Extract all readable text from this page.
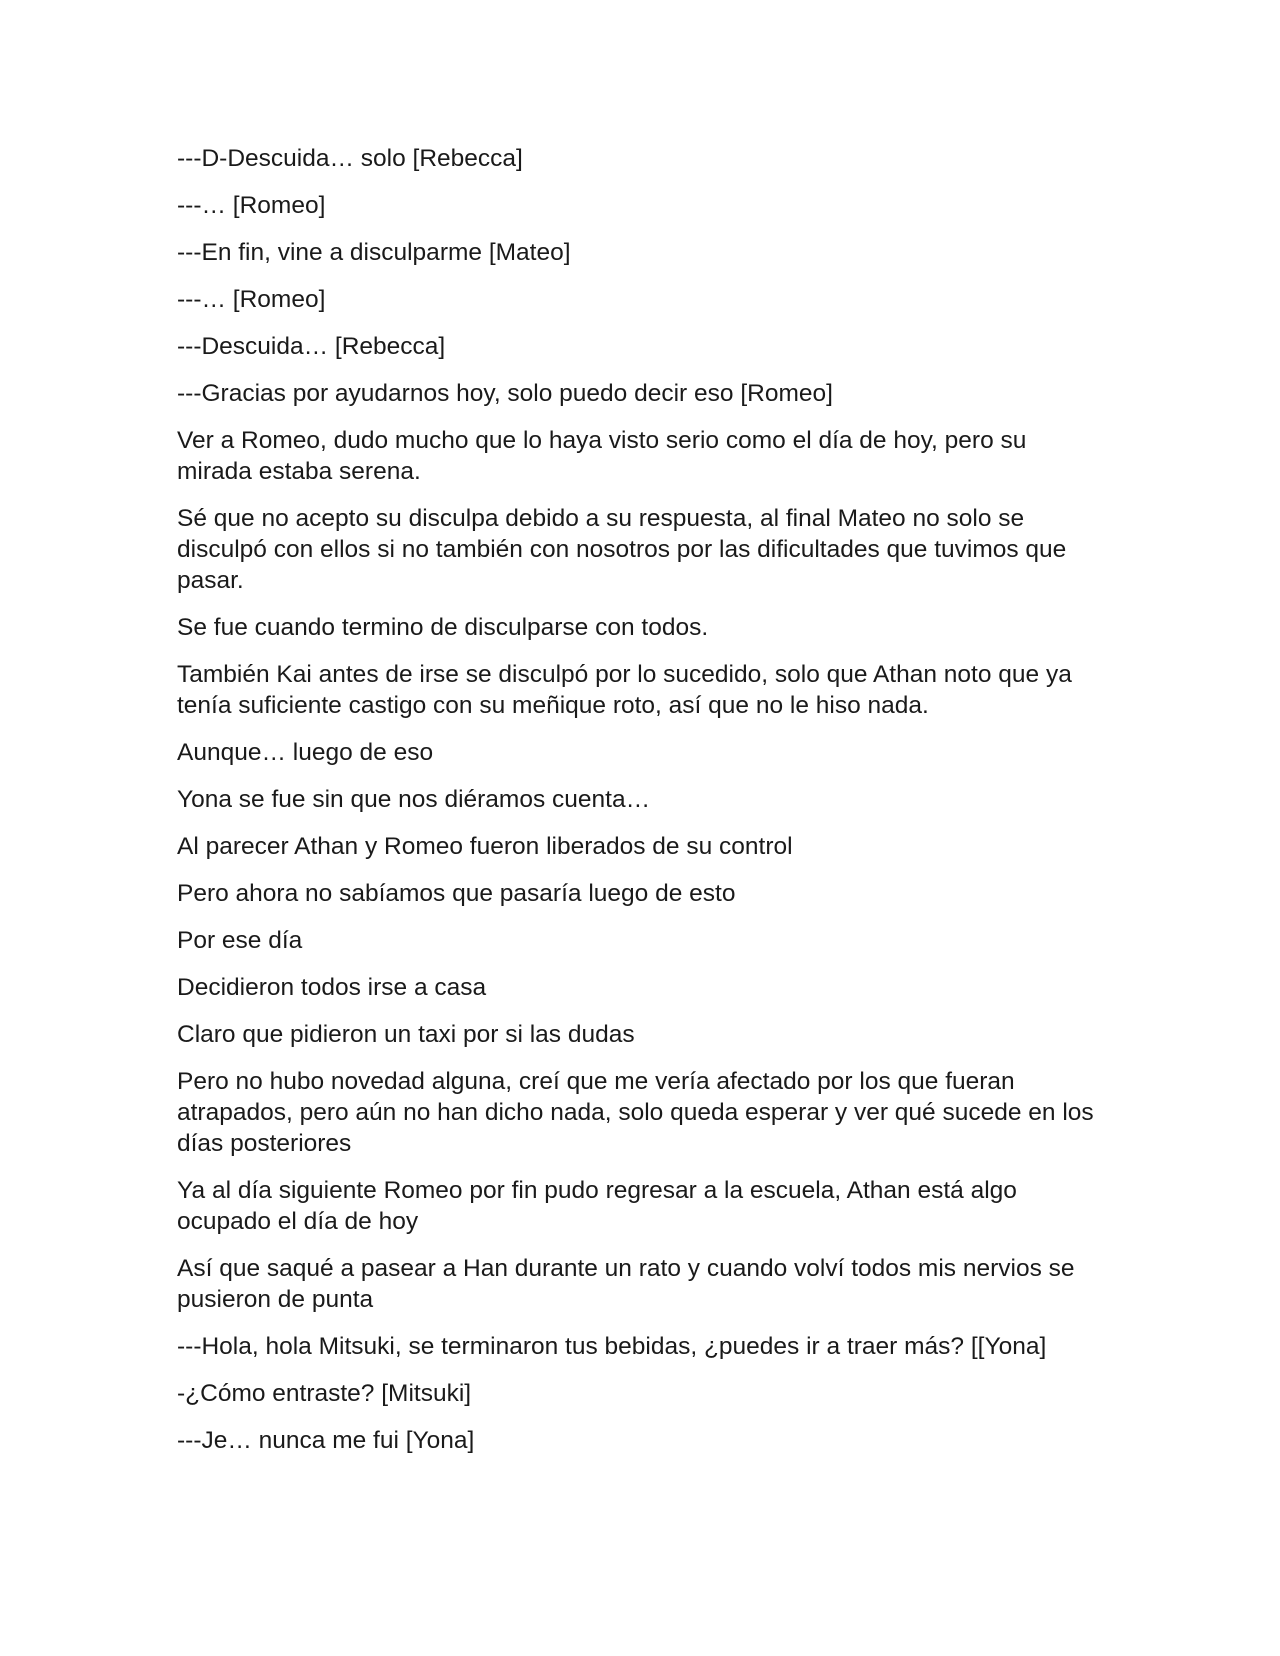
---D-Descuida… solo [Rebecca]

---… [Romeo]

---En fin, vine a disculparme [Mateo]

---… [Romeo]

---Descuida… [Rebecca]

---Gracias por ayudarnos hoy, solo puedo decir eso [Romeo]

Ver a Romeo, dudo mucho que lo haya visto serio como el día de hoy, pero su mirada estaba serena.

Sé que no acepto su disculpa debido a su respuesta, al final Mateo no solo se disculpó con ellos si no también con nosotros por las dificultades que tuvimos que pasar.

Se fue cuando termino de disculparse con todos.

También Kai antes de irse se disculpó por lo sucedido, solo que Athan noto que ya tenía suficiente castigo con su meñique roto, así que no le hiso nada.

Aunque… luego de eso

Yona se fue sin que nos diéramos cuenta…

Al parecer Athan y Romeo fueron liberados de su control

Pero ahora no sabíamos que pasaría luego de esto

Por ese día

Decidieron todos irse a casa

Claro que pidieron un taxi por si las dudas

Pero no hubo novedad alguna, creí que me vería afectado por los que fueran atrapados, pero aún no han dicho nada, solo queda esperar y ver qué sucede en los días posteriores

Ya al día siguiente Romeo por fin pudo regresar a la escuela, Athan está algo ocupado el día de hoy

Así que saqué a pasear a Han durante un rato y cuando volví todos mis nervios se pusieron de punta

---Hola, hola Mitsuki, se terminaron tus bebidas, ¿puedes ir a traer más? [[Yona]

-¿Cómo entraste? [Mitsuki]

---Je… nunca me fui [Yona]
